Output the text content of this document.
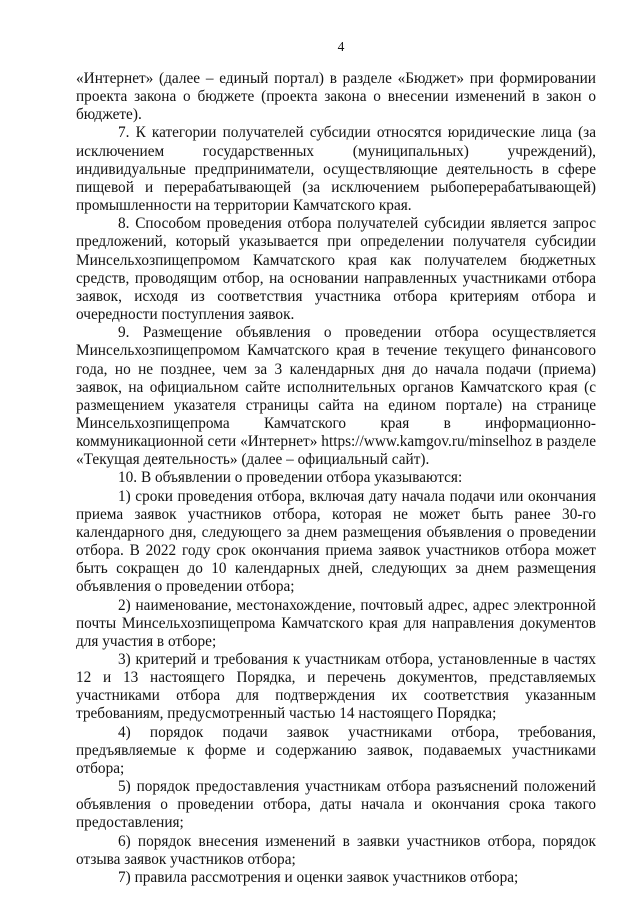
4

«Интернет» (далее – единый портал) в разделе «Бюджет» при формировании проекта закона о бюджете (проекта закона о внесении изменений в закон о бюджете).

7. К категории получателей субсидии относятся юридические лица (за исключением государственных (муниципальных) учреждений), индивидуальные предприниматели, осуществляющие деятельность в сфере пищевой и перерабатывающей (за исключением рыбоперерабатывающей) промышленности на территории Камчатского края.

8. Способом проведения отбора получателей субсидии является запрос предложений, который указывается при определении получателя субсидии Минсельхозпищепромом Камчатского края как получателем бюджетных средств, проводящим отбор, на основании направленных участниками отбора заявок, исходя из соответствия участника отбора критериям отбора и очередности поступления заявок.

9. Размещение объявления о проведении отбора осуществляется Минсельхозпищепромом Камчатского края в течение текущего финансового года, но не позднее, чем за 3 календарных дня до начала подачи (приема) заявок, на официальном сайте исполнительных органов Камчатского края (с размещением указателя страницы сайта на едином портале) на странице Минсельхозпищепрома Камчатского края в информационно-коммуникационной сети «Интернет» https://www.kamgov.ru/minselhoz в разделе «Текущая деятельность» (далее – официальный сайт).

10. В объявлении о проведении отбора указываются:

1) сроки проведения отбора, включая дату начала подачи или окончания приема заявок участников отбора, которая не может быть ранее 30-го календарного дня, следующего за днем размещения объявления о проведении отбора. В 2022 году срок окончания приема заявок участников отбора может быть сокращен до 10 календарных дней, следующих за днем размещения объявления о проведении отбора;

2) наименование, местонахождение, почтовый адрес, адрес электронной почты Минсельхозпищепрома Камчатского края для направления документов для участия в отборе;

3) критерий и требования к участникам отбора, установленные в частях 12 и 13 настоящего Порядка, и перечень документов, представляемых участниками отбора для подтверждения их соответствия указанным требованиям, предусмотренный частью 14 настоящего Порядка;

4) порядок подачи заявок участниками отбора, требования, предъявляемые к форме и содержанию заявок, подаваемых участниками отбора;

5) порядок предоставления участникам отбора разъяснений положений объявления о проведении отбора, даты начала и окончания срока такого предоставления;

6) порядок внесения изменений в заявки участников отбора, порядок отзыва заявок участников отбора;

7) правила рассмотрения и оценки заявок участников отбора;
